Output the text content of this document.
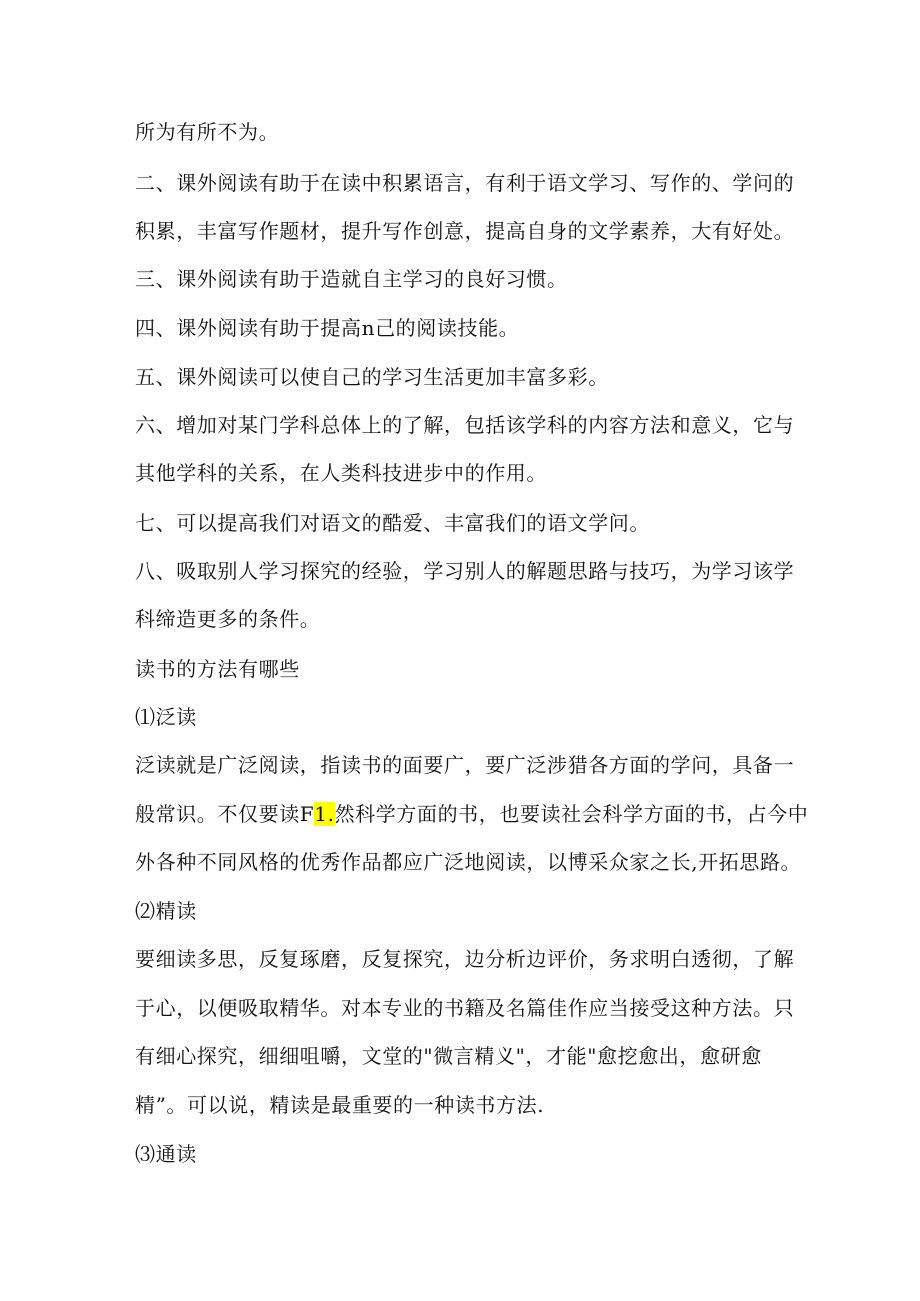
所为有所不为。
二、课外阅读有助于在读中积累语言，有利于语文学习、写作的、学问的
积累，丰富写作题材，提升写作创意，提高自身的文学素养，大有好处。
三、课外阅读有助于造就自主学习的良好习惯。
四、课外阅读有助于提高n己的阅读技能。
五、课外阅读可以使自己的学习生活更加丰富多彩。
六、增加对某门学科总体上的了解，包括该学科的内容方法和意义，它与
其他学科的关系，在人类科技进步中的作用。
七、可以提高我们对语文的酷爱、丰富我们的语文学问。
八、吸取别人学习探究的经验，学习别人的解题思路与技巧，为学习该学
科缔造更多的条件。
读书的方法有哪些
⑴泛读
泛读就是广泛阅读，指读书的面要广，要广泛涉猎各方面的学问，具备一
般常识。不仅要读F1.然科学方面的书，也要读社会科学方面的书，占今中
外各种不同风格的优秀作品都应广泛地阅读，以博采众家之长,开拓思路。
⑵精读
要细读多思，反复琢磨，反复探究，边分析边评价，务求明白透彻，了解
于心，以便吸取精华。对本专业的书籍及名篇佳作应当接受这种方法。只
有细心探究，细细咀嚼，文堂的"微言精义"，才能"愈挖愈出，愈研愈
精”。可以说，精读是最重要的一种读书方法.
⑶通读
